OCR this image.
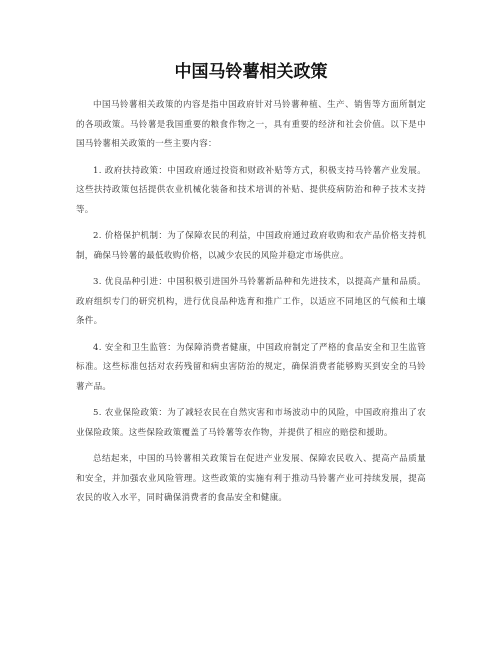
中国马铃薯相关政策

中国马铃薯相关政策的内容是指中国政府针对马铃薯种植、生产、销售等方面所制定的各项政策。马铃薯是我国重要的粮食作物之一，具有重要的经济和社会价值。以下是中国马铃薯相关政策的一些主要内容：

1. 政府扶持政策：中国政府通过投资和财政补贴等方式，积极支持马铃薯产业发展。这些扶持政策包括提供农业机械化装备和技术培训的补贴、提供疫病防治和种子技术支持等。

2. 价格保护机制：为了保障农民的利益，中国政府通过政府收购和农产品价格支持机制，确保马铃薯的最低收购价格，以减少农民的风险并稳定市场供应。

3. 优良品种引进：中国积极引进国外马铃薯新品种和先进技术，以提高产量和品质。政府组织专门的研究机构，进行优良品种选育和推广工作，以适应不同地区的气候和土壤条件。

4. 安全和卫生监管：为保障消费者健康，中国政府制定了严格的食品安全和卫生监管标准。这些标准包括对农药残留和病虫害防治的规定，确保消费者能够购买到安全的马铃薯产品。

5. 农业保险政策：为了减轻农民在自然灾害和市场波动中的风险，中国政府推出了农业保险政策。这些保险政策覆盖了马铃薯等农作物，并提供了相应的赔偿和援助。

总结起来，中国的马铃薯相关政策旨在促进产业发展、保障农民收入、提高产品质量和安全，并加强农业风险管理。这些政策的实施有利于推动马铃薯产业可持续发展，提高农民的收入水平，同时确保消费者的食品安全和健康。
